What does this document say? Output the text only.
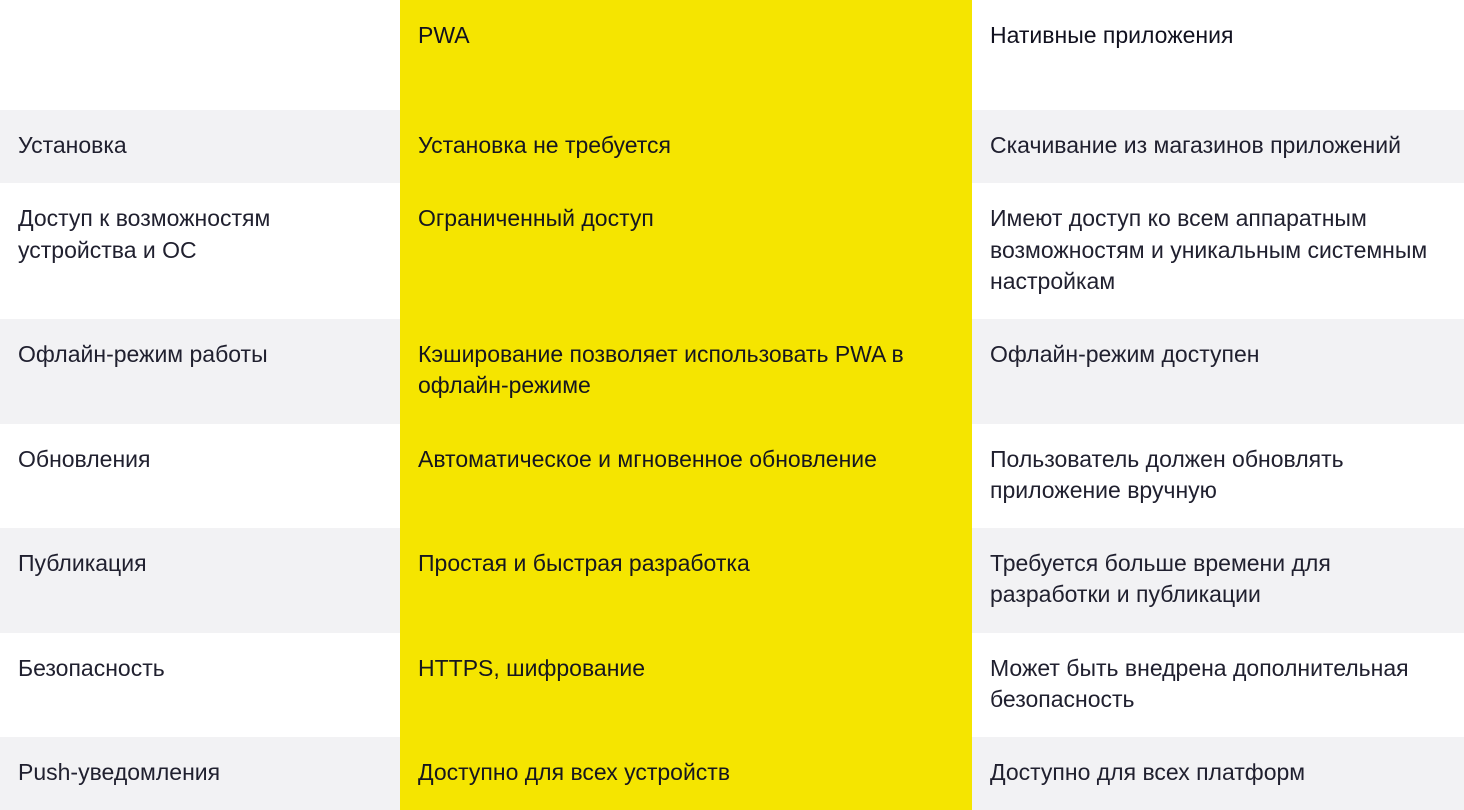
	PWA	Нативные приложения
Установка	Установка не требуется	Скачивание из магазинов приложений
Доступ к возможностям устройства и ОС	Ограниченный доступ	Имеют доступ ко всем аппаратным возможностям и уникальным системным настройкам
Офлайн-режим работы	Кэширование позволяет использовать PWA в офлайн-режиме	Офлайн-режим доступен
Обновления	Автоматическое и мгновенное обновление	Пользователь должен обновлять приложение вручную
Публикация	Простая и быстрая разработка	Требуется больше времени для разработки и публикации
Безопасность	HTTPS, шифрование	Может быть внедрена дополнительная безопасность
Push-уведомления	Доступно для всех устройств	Доступно для всех платформ
